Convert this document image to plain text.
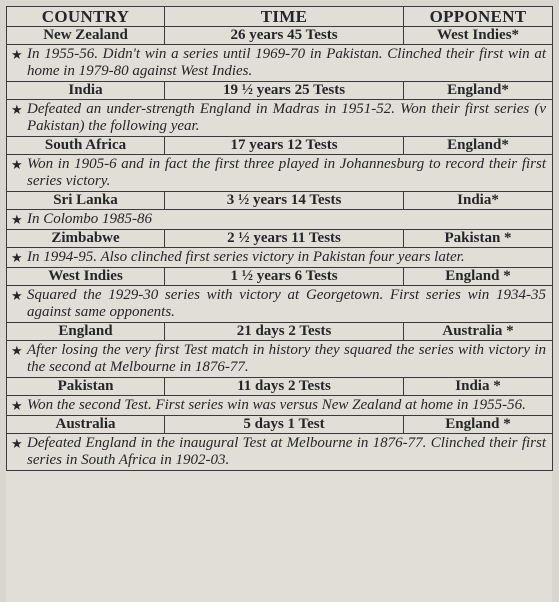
COUNTRY	TIME	OPPONENT
New Zealand	26 years 45 Tests	West Indies*

★ In 1955-56. Didn't win a series until 1969-70 in Pakistan. Clinched their first win at home in 1979-80 against West Indies.		
India	19 ½ years 25 Tests	England*

★ Defeated an under-strength England in Madras in 1951-52. Won their first series (v Pakistan) the following year.		
South Africa	17 years 12 Tests	England*

★ Won in 1905-6 and in fact the first three played in Johannesburg to record their first series victory.		
Sri Lanka	3 ½ years 14 Tests	India*

★ In Colombo 1985-86		
Zimbabwe	2 ½ years 11 Tests	Pakistan *

★ In 1994-95. Also clinched first series victory in Pakistan four years later.		
West Indies	1 ½ years 6 Tests	England *

★ Squared the 1929-30 series with victory at Georgetown. First series win 1934-35 against same opponents.		
England	21 days 2 Tests	Australia *

★ After losing the very first Test match in history they squared the series with victory in the second at Melbourne in 1876-77.		
Pakistan	11 days 2 Tests	India *

★ Won the second Test. First series win was versus New Zealand at home in 1955-56.		
Australia	5 days 1 Test	England *

★ Defeated England in the inaugural Test at Melbourne in 1876-77. Clinched their first series in South Africa in 1902-03.		
